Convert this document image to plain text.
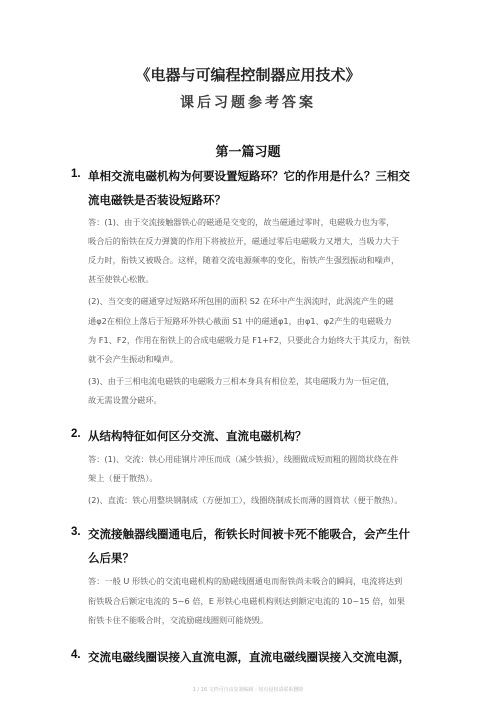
《电器与可编程控制器应用技术》
课后习题参考答案
第一篇习题
1. 单相交流电磁机构为何要设置短路环？它的作用是什么？三相交
流电磁铁是否装设短路环？
答：(1)、由于交流接触器铁心的磁通是交变的，故当磁通过零时，电磁吸力也为零，
吸合后的衔铁在反力弹簧的作用下将被拉开，磁通过零后电磁吸力又增大，当吸力大于
反力时，衔铁又被吸合。这样，随着交流电源频率的变化，衔铁产生强烈振动和噪声，
甚至使铁心松散。
(2)、当交变的磁通穿过短路环所包围的面积 S2 在环中产生涡流时，此涡流产生的磁
通φ2在相位上落后于短路环外铁心截面 S1 中的磁通φ1，由φ1、φ2产生的电磁吸力
为 F1、F2，作用在衔铁上的合成电磁吸力是 F1+F2，只要此合力始终大于其反力，衔铁
就不会产生振动和噪声。
(3)、由于三相电流电磁铁的电磁吸力三相本身具有相位差，其电磁吸力为一恒定值，
故无需设置分磁环。
2. 从结构特征如何区分交流、直流电磁机构？
答：(1)、交流：铁心用硅钢片冲压而成（减少铁损），线圈做成短而粗的圆筒状绕在件
架上（便于散热）。
(2)、直流：铁心用整块钢制成（方便加工），线圈绕制成长而薄的圆筒状（便于散热）。
3. 交流接触器线圈通电后，衔铁长时间被卡死不能吸合，会产生什
么后果？
答：一般 U 形铁心的交流电磁机构的励磁线圈通电而衔铁尚未吸合的瞬间，电流将达到
衔铁吸合后额定电流的 5~6 倍，E 形铁心电磁机构则达到额定电流的 10~15 倍，如果
衔铁卡住不能吸合时，交流励磁线圈则可能烧毁。
4. 交流电磁线圈误接入直流电源，直流电磁线圈误接入交流电源，
1 / 16 文档可自由复制编辑 · 如有侵权请联系删除
